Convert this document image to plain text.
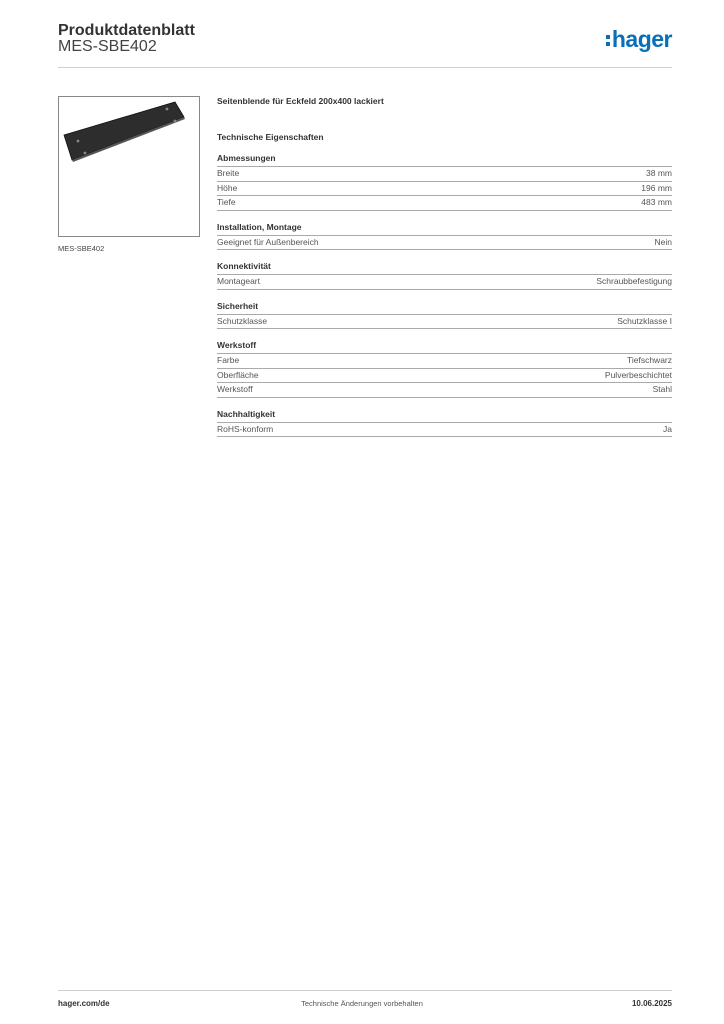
Produktdatenblatt
MES-SBE402	hager
MES-SBE402
Seitenblende für Eckfeld 200x400 lackiert
Technische Eigenschaften
Abmessungen
Breite	38 mm
Höhe	196 mm
Tiefe	483 mm
Installation, Montage
Geeignet für Außenbereich	Nein
Konnektivität
Montageart	Schraubbefestigung
Sicherheit
Schutzklasse	Schutzklasse I
Werkstoff
Farbe	Tiefschwarz
Oberfläche	Pulverbeschichtet
Werkstoff	Stahl
Nachhaltigkeit
RoHS-konform	Ja
hager.com/de	Technische Änderungen vorbehalten	10.06.2025
